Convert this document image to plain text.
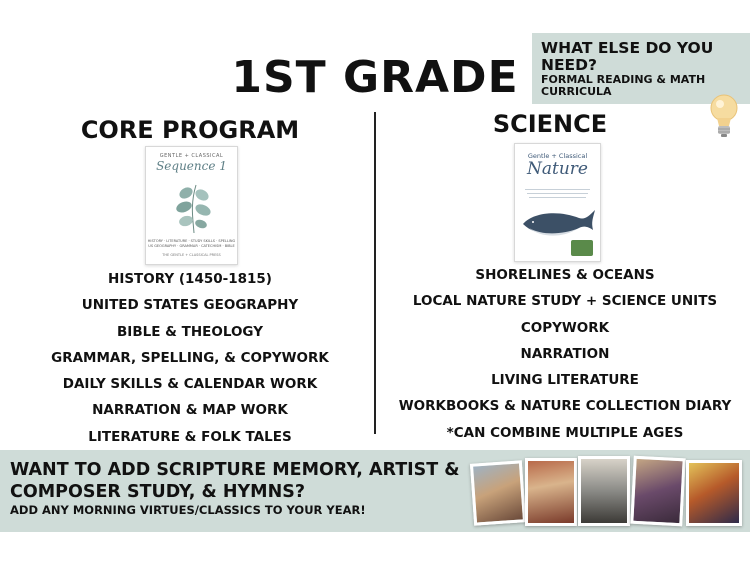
1ST GRADE
WHAT ELSE DO YOU NEED?
FORMAL READING & MATH CURRICULA
CORE PROGRAM
GENTLE + CLASSICAL
Sequence 1
HISTORY · LITERATURE · STUDY SKILLS · SPELLING
US GEOGRAPHY · GRAMMAR · CATECHISM · BIBLE
THE GENTLE + CLASSICAL PRESS
HISTORY (1450-1815)
UNITED STATES GEOGRAPHY
BIBLE & THEOLOGY
GRAMMAR, SPELLING, & COPYWORK
DAILY SKILLS & CALENDAR WORK
NARRATION & MAP WORK
LITERATURE & FOLK TALES
SCIENCE
Gentle + Classical
Nature
SHORELINES & OCEANS
LOCAL NATURE STUDY + SCIENCE UNITS
COPYWORK
NARRATION
LIVING LITERATURE
WORKBOOKS & NATURE COLLECTION DIARY
*CAN COMBINE MULTIPLE AGES
WANT TO ADD SCRIPTURE MEMORY, ARTIST &
COMPOSER STUDY, & HYMNS?
ADD ANY MORNING VIRTUES/CLASSICS TO YOUR YEAR!
